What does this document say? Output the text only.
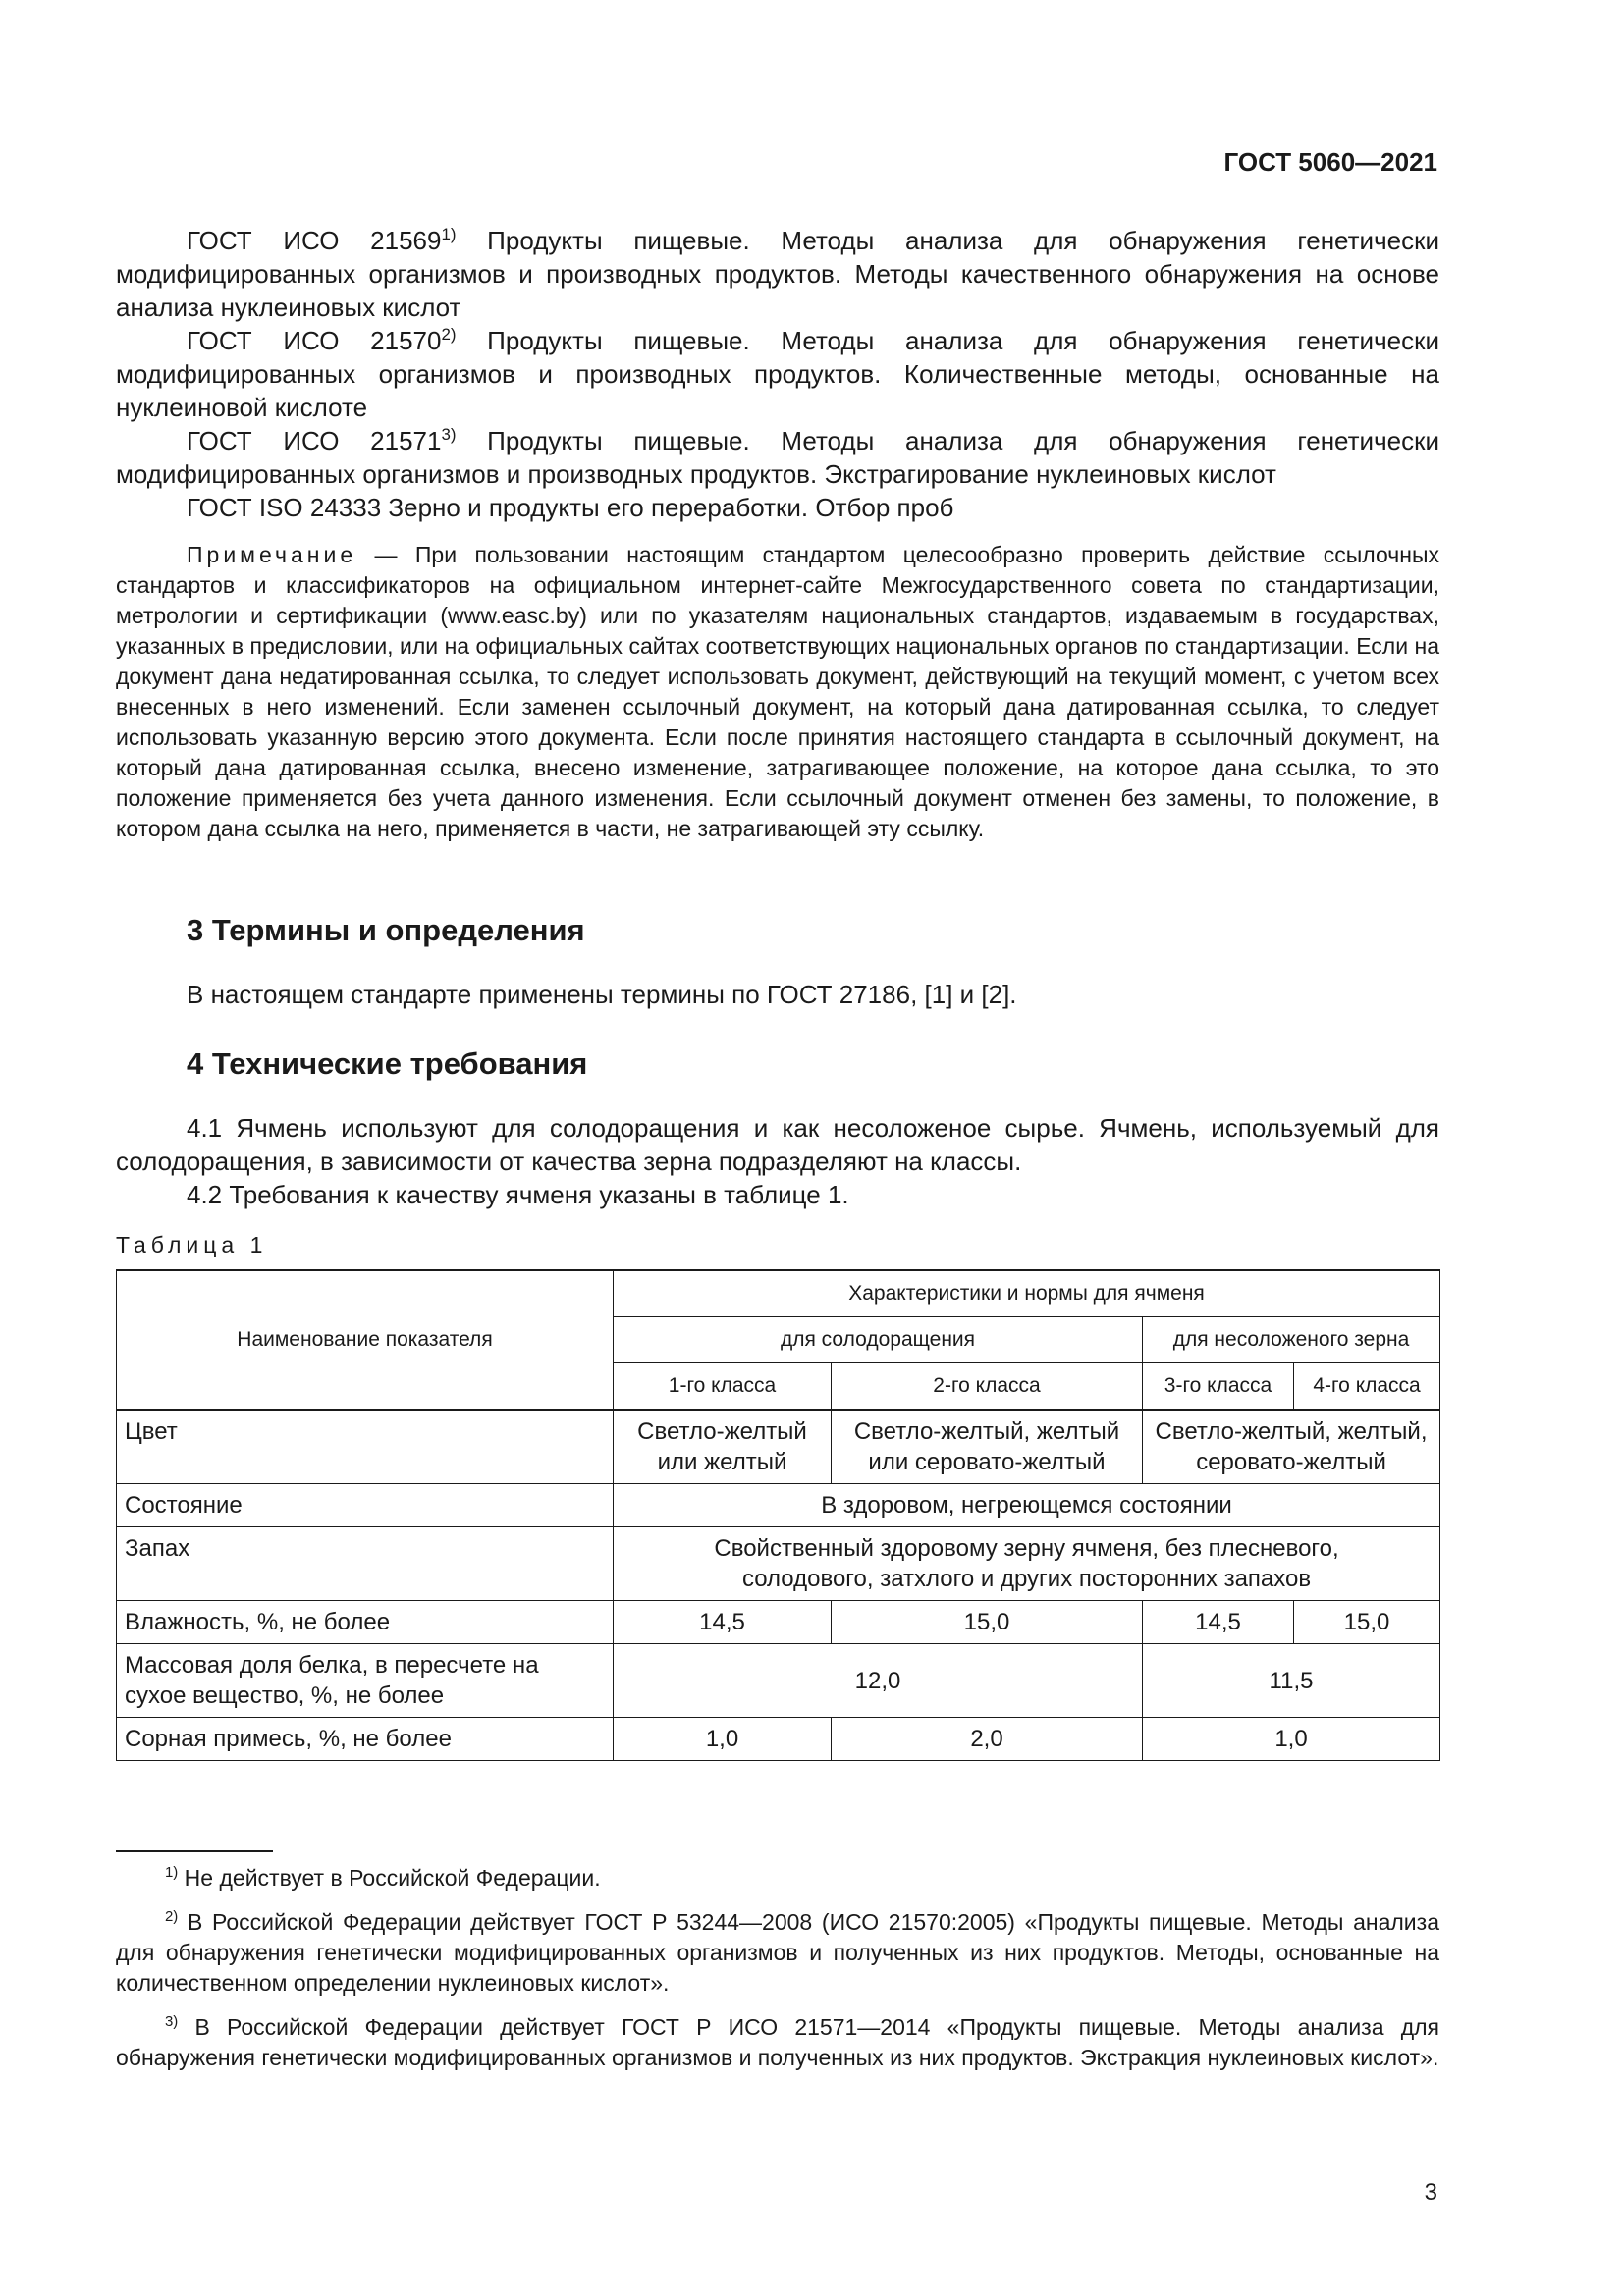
ГОСТ 5060—2021

ГОСТ ИСО 21569$^{1)}$ Продукты пищевые. Методы анализа для обнаружения генетически модифицированных организмов и производных продуктов. Методы качественного обнаружения на основе анализа нуклеиновых кислот

ГОСТ ИСО 21570$^{2)}$ Продукты пищевые. Методы анализа для обнаружения генетически модифицированных организмов и производных продуктов. Количественные методы, основанные на нуклеиновой кислоте

ГОСТ ИСО 21571$^{3)}$ Продукты пищевые. Методы анализа для обнаружения генетически модифицированных организмов и производных продуктов. Экстрагирование нуклеиновых кислот

ГОСТ ISO 24333 Зерно и продукты его переработки. Отбор проб

Примечание — При пользовании настоящим стандартом целесообразно проверить действие ссылочных стандартов и классификаторов на официальном интернет-сайте Межгосударственного совета по стандартизации, метрологии и сертификации (www.easc.by) или по указателям национальных стандартов, издаваемым в государствах, указанных в предисловии, или на официальных сайтах соответствующих национальных органов по стандартизации. Если на документ дана недатированная ссылка, то следует использовать документ, действующий на текущий момент, с учетом всех внесенных в него изменений. Если заменен ссылочный документ, на который дана датированная ссылка, то следует использовать указанную версию этого документа. Если после принятия настоящего стандарта в ссылочный документ, на который дана датированная ссылка, внесено изменение, затрагивающее положение, на которое дана ссылка, то это положение применяется без учета данного изменения. Если ссылочный документ отменен без замены, то положение, в котором дана ссылка на него, применяется в части, не затрагивающей эту ссылку.

3 Термины и определения

В настоящем стандарте применены термины по ГОСТ 27186, [1] и [2].

4 Технические требования

4.1 Ячмень используют для солодоращения и как несоложеное сырье. Ячмень, используемый для солодоращения, в зависимости от качества зерна подразделяют на классы.

4.2 Требования к качеству ячменя указаны в таблице 1.

Таблица 1
Наименование показателя	Характеристики и нормы для ячменя			
	для солодоращения		для несоложеного зерна	
	1-го класса	2-го класса	3-го класса	4-го класса
Цвет	Светло-желтый или желтый	Светло-желтый, желтый или серовато-желтый	Светло-желтый, желтый, серовато-желтый	
Состояние	В здоровом, негреющемся состоянии			
Запах	Свойственный здоровому зерну ячменя, без плесневого, солодового, затхлого и других посторонних запахов			
Влажность, %, не более	14,5	15,0	14,5	15,0
Массовая доля белка, в пересчете на сухое вещество, %, не более	12,0		11,5	
Сорная примесь, %, не более	1,0	2,0	1,0	

$^{1)}$ Не действует в Российской Федерации.

$^{2)}$ В Российской Федерации действует ГОСТ Р 53244—2008 (ИСО 21570:2005) «Продукты пищевые. Методы анализа для обнаружения генетически модифицированных организмов и полученных из них продуктов. Методы, основанные на количественном определении нуклеиновых кислот».

$^{3)}$ В Российской Федерации действует ГОСТ Р ИСО 21571—2014 «Продукты пищевые. Методы анализа для обнаружения генетически модифицированных организмов и полученных из них продуктов. Экстракция нуклеиновых кислот».

3
